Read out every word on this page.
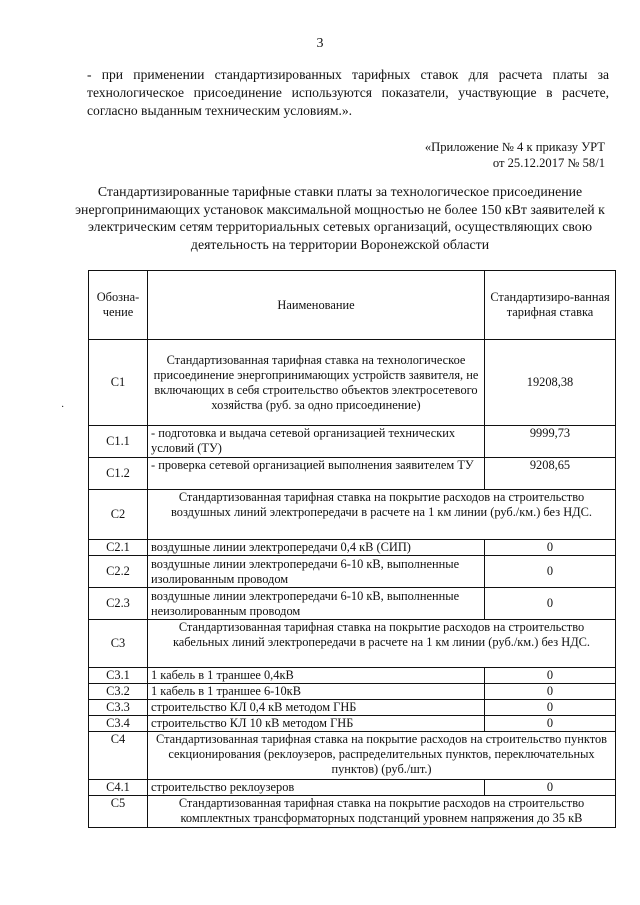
3
- при применении стандартизированных тарифных ставок для расчета платы за технологическое присоединение используются показатели, участвующие в расчете, согласно выданным техническим условиям.».
«Приложение № 4 к приказу УРТ
от 25.12.2017 № 58/1
Стандартизированные тарифные ставки платы за технологическое присоединение энергопринимающих установок максимальной мощностью не более 150 кВт заявителей к электрическим сетям территориальных сетевых организаций, осуществляющих свою деятельность на территории Воронежской области
·
Обозна-чение	Наименование	Стандартизиро-ванная тарифная ставка
C1	Стандартизованная тарифная ставка на технологическое присоединение энергопринимающих устройств заявителя, не включающих в себя строительство объектов электросетевого хозяйства (руб. за одно присоединение)	19208,38
C1.1	- подготовка и выдача сетевой организацией технических условий (ТУ)	9999,73
C1.2	- проверка сетевой организацией выполнения заявителем ТУ	9208,65
C2	Стандартизованная тарифная ставка на покрытие расходов на строительство воздушных линий электропередачи в расчете на 1 км линии (руб./км.) без НДС.	
C2.1	воздушные линии электропередачи 0,4 кВ (СИП)	0
C2.2	воздушные линии электропередачи 6-10 кВ, выполненные изолированным проводом	0
C2.3	воздушные линии электропередачи 6-10 кВ, выполненные неизолированным проводом	0
C3	Стандартизованная тарифная ставка на покрытие расходов на строительство кабельных линий электропередачи в расчете на 1 км линии (руб./км.) без НДС.	
C3.1	1 кабель в 1 траншее 0,4кВ	0
C3.2	1 кабель в 1 траншее 6-10кВ	0
C3.3	строительство КЛ 0,4 кВ методом ГНБ	0
C3.4	строительство КЛ 10 кВ методом ГНБ	0
C4	Стандартизованная тарифная ставка на покрытие расходов на строительство пунктов секционирования (реклоузеров, распределительных пунктов, переключательных пунктов) (руб./шт.)	
C4.1	строительство реклоузеров	0
C5	Стандартизованная тарифная ставка на покрытие расходов на строительство комплектных трансформаторных подстанций уровнем напряжения до 35 кВ	
